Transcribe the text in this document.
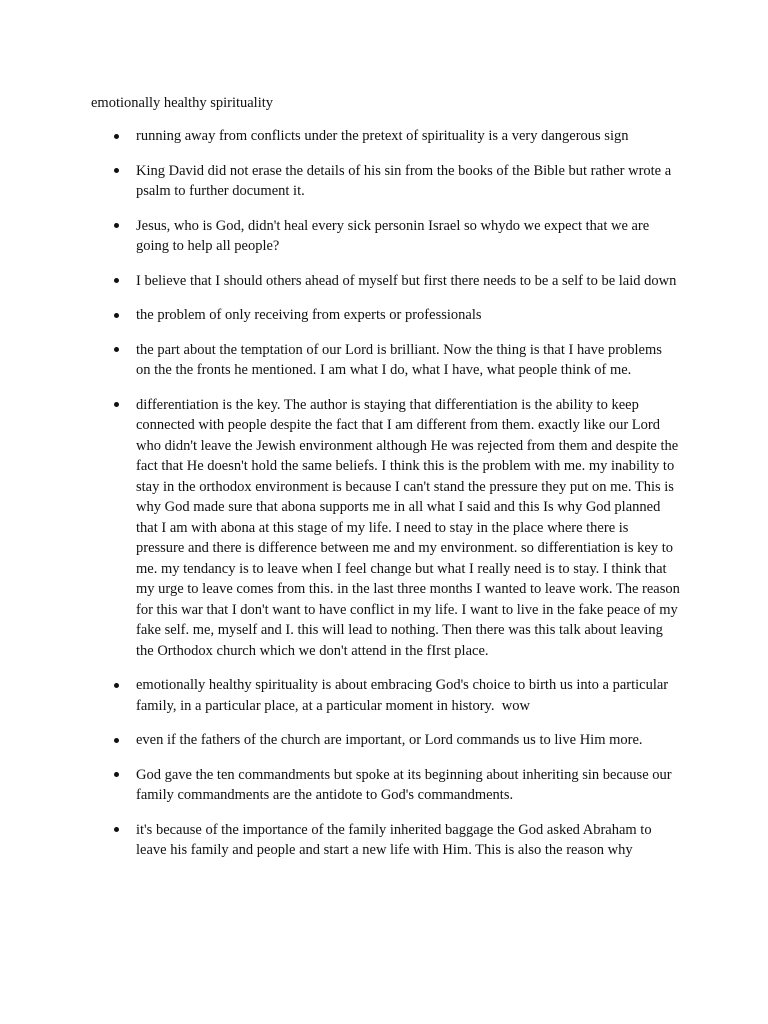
emotionally healthy spirituality
running away from conflicts under the pretext of spirituality is a very dangerous sign
King David did not erase the details of his sin from the books of the Bible but rather wrote a psalm to further document it.
Jesus, who is God, didn't heal every sick personin Israel so whydo we expect that we are going to help all people?
I believe that I should others ahead of myself but first there needs to be a self to be laid down
the problem of only receiving from experts or professionals
the part about the temptation of our Lord is brilliant. Now the thing is that I have problems on the the fronts he mentioned. I am what I do, what I have, what people think of me.
differentiation is the key. The author is staying that differentiation is the ability to keep connected with people despite the fact that I am different from them. exactly like our Lord who didn't leave the Jewish environment although He was rejected from them and despite the fact that He doesn't hold the same beliefs. I think this is the problem with me. my inability to stay in the orthodox environment is because I can't stand the pressure they put on me. This is why God made sure that abona supports me in all what I said and this Is why God planned that I am with abona at this stage of my life. I need to stay in the place where there is pressure and there is difference between me and my environment. so differentiation is key to me. my tendancy is to leave when I feel change but what I really need is to stay. I think that my urge to leave comes from this. in the last three months I wanted to leave work. The reason for this war that I don't want to have conflict in my life. I want to live in the fake peace of my fake self. me, myself and I. this will lead to nothing. Then there was this talk about leaving the Orthodox church which we don't attend in the fIrst place.
emotionally healthy spirituality is about embracing God's choice to birth us into a particular family, in a particular place, at a particular moment in history.  wow
even if the fathers of the church are important, or Lord commands us to live Him more.
God gave the ten commandments but spoke at its beginning about inheriting sin because our family commandments are the antidote to God's commandments.
it's because of the importance of the family inherited baggage the God asked Abraham to leave his family and people and start a new life with Him. This is also the reason why
